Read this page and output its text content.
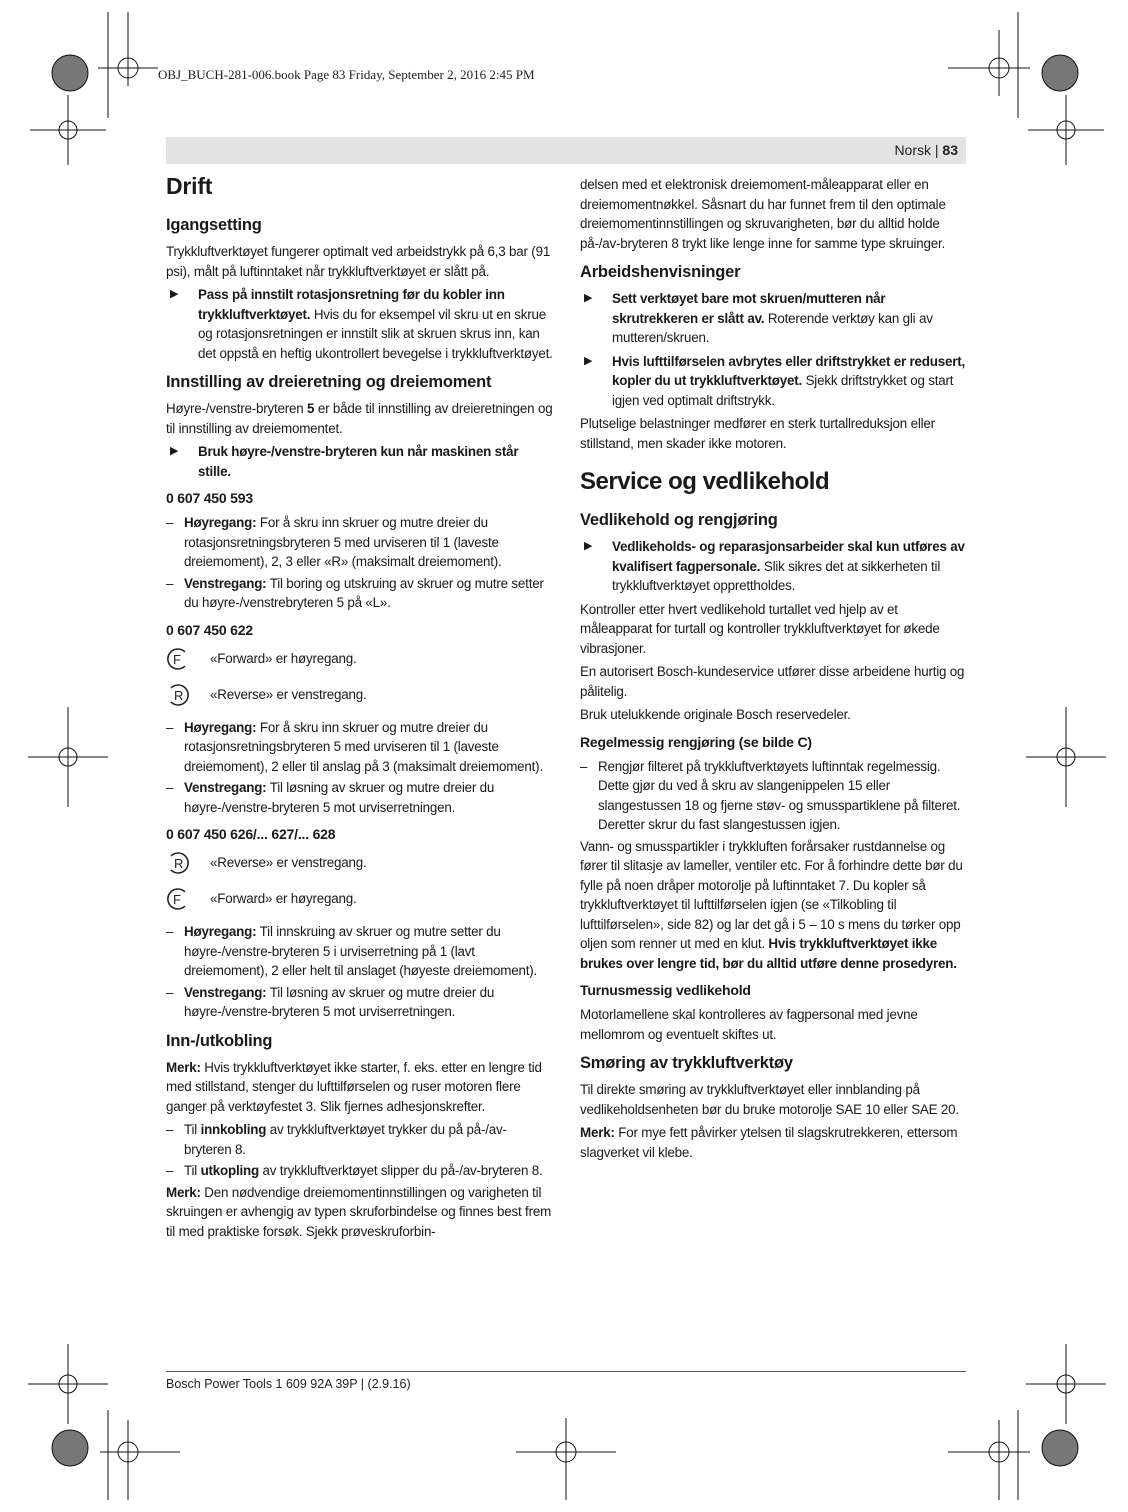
OBJ_BUCH-281-006.book Page 83 Friday, September 2, 2016 2:45 PM
Norsk | 83
Drift
Igangsetting

Trykkluftverktøyet fungerer optimalt ved arbeidstrykk på 6,3 bar (91 psi), målt på luftinntaket når trykkluftverktøyet er slått på.

▶ Pass på innstilt rotasjonsretning før du kobler inn trykkluftverktøyet. Hvis du for eksempel vil skru ut en skrue og rotasjonsretningen er innstilt slik at skruen skrus inn, kan det oppstå en heftig ukontrollert bevegelse i trykkluftverktøyet.
Innstilling av dreieretning og dreiemoment

Høyre-/venstre-bryteren 5 er både til innstilling av dreieretningen og til innstilling av dreiemomentet.

▶ Bruk høyre-/venstre-bryteren kun når maskinen står stille.
0 607 450 593
– Høyregang: For å skru inn skruer og mutre dreier du rotasjonsretningsbryteren 5 med urviseren til 1 (laveste dreiemoment), 2, 3 eller «R» (maksimalt dreiemoment).
– Venstregang: Til boring og utskruing av skruer og mutre setter du høyre-/venstrebryteren 5 på «L».
0 607 450 622
F «Forward» er høyregang.
R «Reverse» er venstregang.
– Høyregang: For å skru inn skruer og mutre dreier du rotasjonsretningsbryteren 5 med urviseren til 1 (laveste dreiemoment), 2 eller til anslag på 3 (maksimalt dreiemoment).
– Venstregang: Til løsning av skruer og mutre dreier du høyre-/venstre-bryteren 5 mot urviserretningen.
0 607 450 626/... 627/... 628
R «Reverse» er venstregang.
F «Forward» er høyregang.
– Høyregang: Til innskruing av skruer og mutre setter du høyre-/venstre-bryteren 5 i urviserretning på 1 (lavt dreiemoment), 2 eller helt til anslaget (høyeste dreiemoment).
– Venstregang: Til løsning av skruer og mutre dreier du høyre-/venstre-bryteren 5 mot urviserretningen.
Inn-/utkobling

Merk: Hvis trykkluftverktøyet ikke starter, f. eks. etter en lengre tid med stillstand, stenger du lufttilførselen og ruser motoren flere ganger på verktøyfestet 3. Slik fjernes adhesjonskrefter.

– Til innkobling av trykkluftverktøyet trykker du på på-/av-bryteren 8.
– Til utkopling av trykkluftverktøyet slipper du på-/av-bryteren 8.

Merk: Den nødvendige dreiemomentinnstillingen og varigheten til skruingen er avhengig av typen skruforbindelse og finnes best frem til med praktiske forsøk. Sjekk prøveskruforbin-

delsen med et elektronisk dreiemoment-måleapparat eller en dreiemomentnøkkel. Såsnart du har funnet frem til den optimale dreiemomentinnstillingen og skruvarigheten, bør du alltid holde på-/av-bryteren 8 trykt like lenge inne for samme type skruinger.

Arbeidshenvisninger
▶ Sett verktøyet bare mot skruen/mutteren når skrutrekkeren er slått av. Roterende verktøy kan gli av mutteren/skruen.
▶ Hvis lufttilførselen avbrytes eller driftstrykket er redusert, kopler du ut trykkluftverktøyet. Sjekk driftstrykket og start igjen ved optimalt driftstrykk.

Plutselige belastninger medfører en sterk turtallreduksjon eller stillstand, men skader ikke motoren.

Service og vedlikehold
Vedlikehold og rengjøring
▶ Vedlikeholds- og reparasjonsarbeider skal kun utføres av kvalifisert fagpersonale. Slik sikres det at sikkerheten til trykkluftverktøyet opprettholdes.

Kontroller etter hvert vedlikehold turtallet ved hjelp av et måleapparat for turtall og kontroller trykkluftverktøyet for økede vibrasjoner.

En autorisert Bosch-kundeservice utfører disse arbeidene hurtig og pålitelig.

Bruk utelukkende originale Bosch reservedeler.

Regelmessig rengjøring (se bilde C)
– Rengjør filteret på trykkluftverktøyets luftinntak regelmessig. Dette gjør du ved å skru av slangenippelen 15 eller slangestussen 18 og fjerne støv- og smusspartiklene på filteret. Deretter skrur du fast slangestussen igjen.

Vann- og smusspartikler i trykkluften forårsaker rustdannelse og fører til slitasje av lameller, ventiler etc. For å forhindre dette bør du fylle på noen dråper motorolje på luftinntaket 7. Du kopler så trykkluftverktøyet til lufttilførselen igjen (se «Tilkobling til lufttilførselen», side 82) og lar det gå i 5 – 10 s mens du tørker opp oljen som renner ut med en klut. Hvis trykkluftverktøyet ikke brukes over lengre tid, bør du alltid utføre denne prosedyren.

Turnusmessig vedlikehold

Motorlamellene skal kontrolleres av fagpersonal med jevne mellomrom og eventuelt skiftes ut.

Smøring av trykkluftverktøy

Til direkte smøring av trykkluftverktøyet eller innblanding på vedlikeholdsenheten bør du bruke motorolje SAE 10 eller SAE 20.

Merk: For mye fett påvirker ytelsen til slagskrutrekkeren, ettersom slagverket vil klebe.

Bosch Power Tools 1 609 92A 39P | (2.9.16)
